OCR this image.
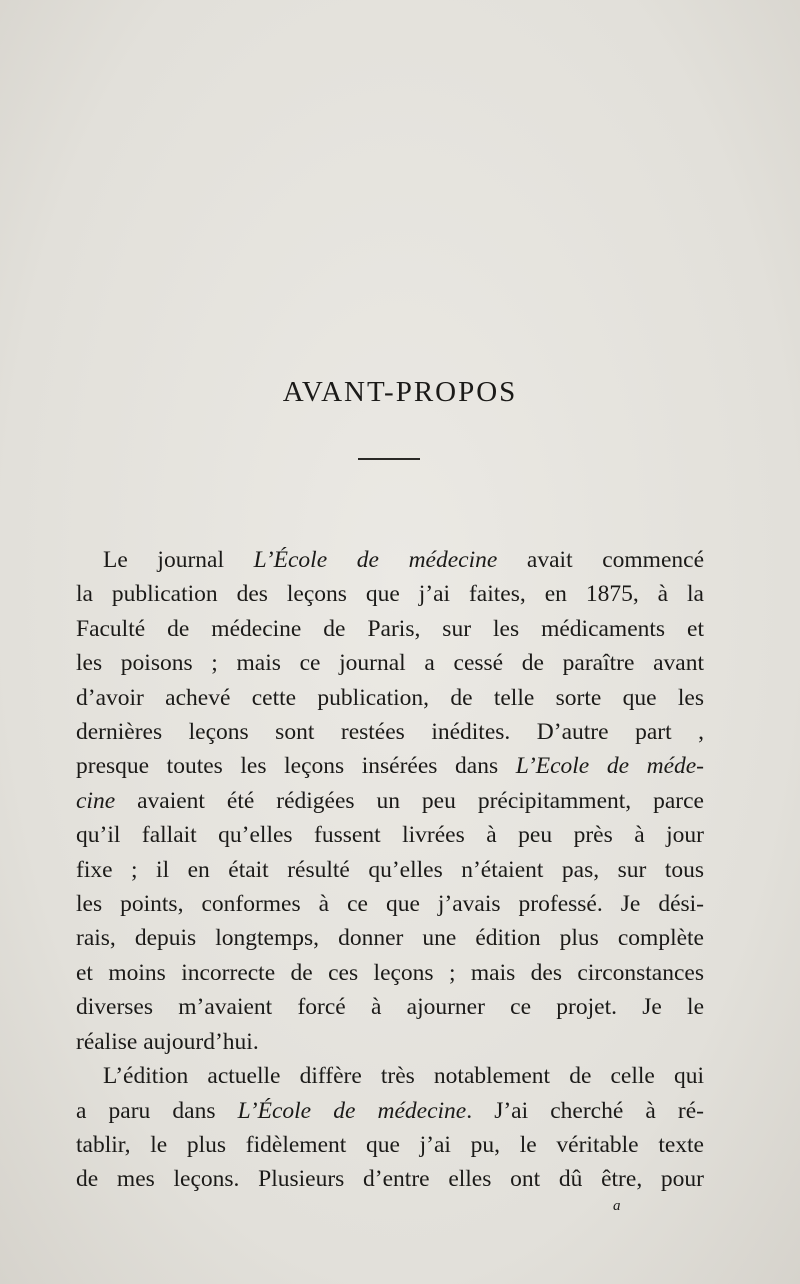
AVANT-PROPOS
Le journal L’École de médecine avait commencé
la publication des leçons que j’ai faites, en 1875, à la
Faculté de médecine de Paris, sur les médicaments et
les poisons ; mais ce journal a cessé de paraître avant
d’avoir achevé cette publication, de telle sorte que les
dernières leçons sont restées inédites. D’autre part ,
presque toutes les leçons insérées dans L’Ecole de méde-
cine avaient été rédigées un peu précipitamment, parce
qu’il fallait qu’elles fussent livrées à peu près à jour
fixe ; il en était résulté qu’elles n’étaient pas, sur tous
les points, conformes à ce que j’avais professé. Je dési-
rais, depuis longtemps, donner une édition plus complète
et moins incorrecte de ces leçons ; mais des circonstances
diverses m’avaient forcé à ajourner ce projet. Je le
réalise aujourd’hui.
L’édition actuelle diffère très notablement de celle qui
a paru dans L’École de médecine. J’ai cherché à ré-
tablir, le plus fidèlement que j’ai pu, le véritable texte
de mes leçons. Plusieurs d’entre elles ont dû être, pour
a
